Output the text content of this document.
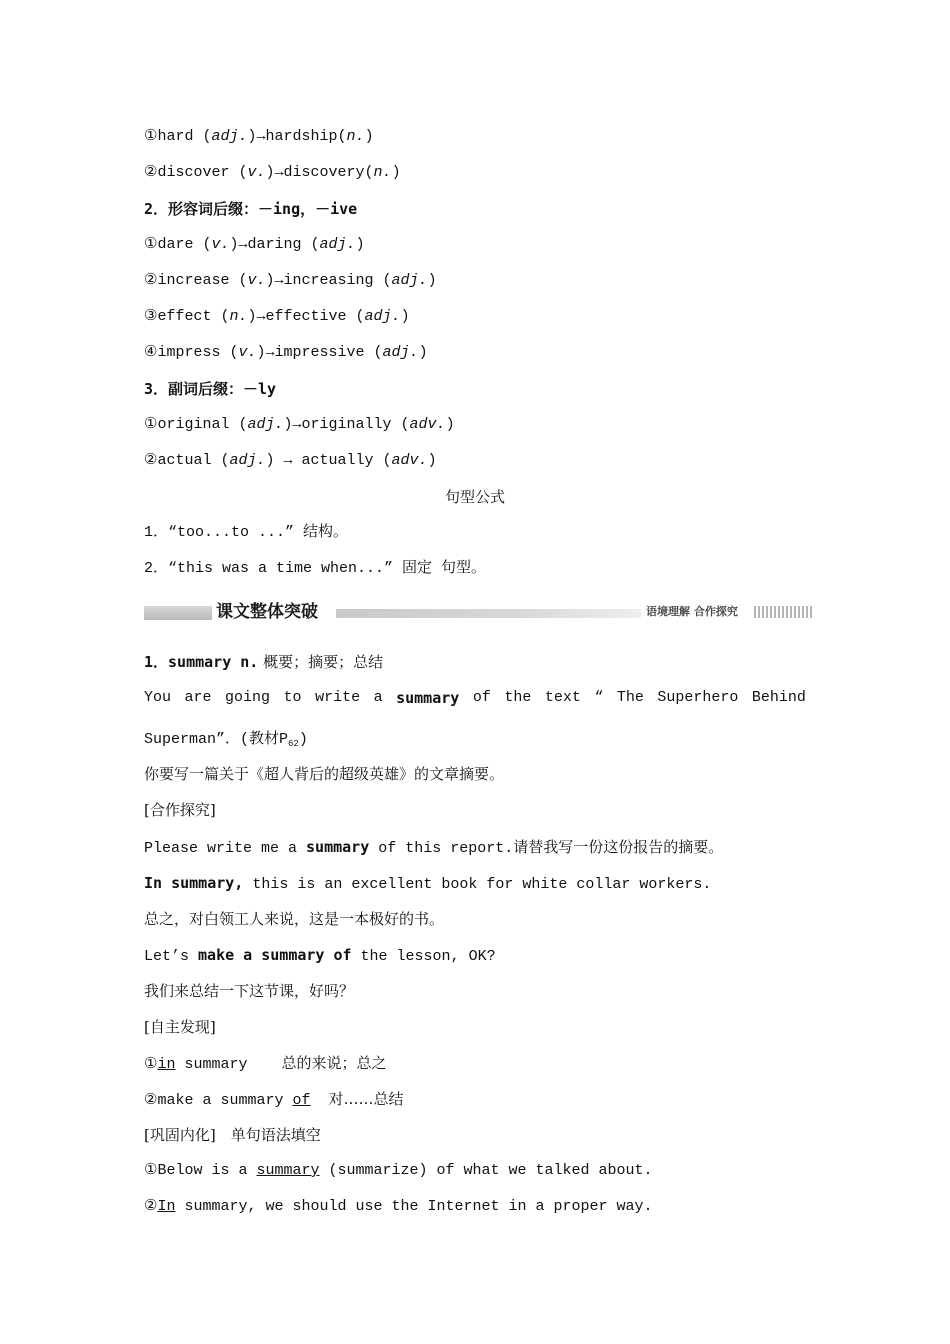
①hard (adj.)→hardship(n.)
②discover (v.)→discovery(n.)
2．形容词后缀：－ing，－ive
①dare (v.)→daring (adj.)
②increase (v.)→increasing (adj.)
③effect (n.)→effective (adj.)
④impress (v.)→impressive (adj.)
3．副词后缀：－ly
①original (adj.)→originally (adv.)
②actual (adj.) → actually (adv.)
句型公式
1．“too...to ...” 结构。
2．“this was a time when...” 固定 句型。
课文整体突破	语境理解 合作探究
1．summary n. 概要；摘要；总结
You are going to write a summary of the text “ The Superhero Behind
Superman”．(教材$P_{62}$)
你要写一篇关于《超人背后的超级英雄》的文章摘要。
[合作探究]
Please write me a summary of this report.请替我写一份这份报告的摘要。
In summary, this is an excellent book for white collar workers.
总之，对白领工人来说，这是一本极好的书。
Let’s make a summary of the lesson, OK?
我们来总结一下这节课，好吗？
[自主发现]
①in summary 总的来说；总之
②make a summary of 对……总结
[巩固内化]　单句语法填空
①Below is a summary (summarize) of what we talked about.
②In summary, we should use the Internet in a proper way.
